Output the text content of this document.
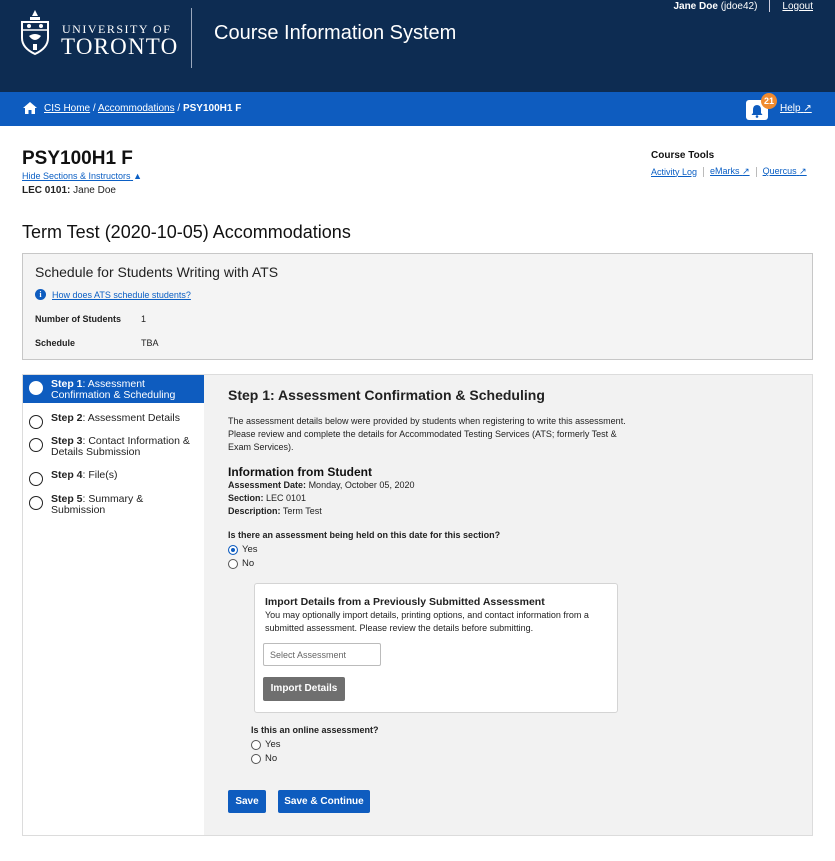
UNIVERSITY OF
TORONTO
Course Information System
Jane Doe (jdoe42)	Logout
CIS Home / Accommodations / PSY100H1 F
21
Help ↗
PSY100H1 F
Hide Sections & Instructors ▲
LEC 0101: Jane Doe
Course Tools
Activity Log eMarks ↗ Quercus ↗
Term Test (2020-10-05) Accommodations
Schedule for Students Writing with ATS
i	How does ATS schedule students?
Number of Students 1
Schedule	TBA
Step 1: Assessment Confirmation & Scheduling
Step 2: Assessment Details
Step 3: Contact Information & Details Submission
Step 4: File(s)
Step 5: Summary & Submission
Step 1: Assessment Confirmation & Scheduling
The assessment details below were provided by students when registering to write this assessment. Please review and complete the details for Accommodated Testing Services (ATS; formerly Test & Exam Services).
Information from Student
Assessment Date: Monday, October 05, 2020
Section: LEC 0101
Description: Term Test
Is there an assessment being held on this date for this section?
Yes
No
Import Details from a Previously Submitted Assessment
You may optionally import details, printing options, and contact information from a submitted assessment. Please review the details before submitting.
Select Assessment
Import Details
Is this an online assessment?
Yes
No
Save	Save & Continue
